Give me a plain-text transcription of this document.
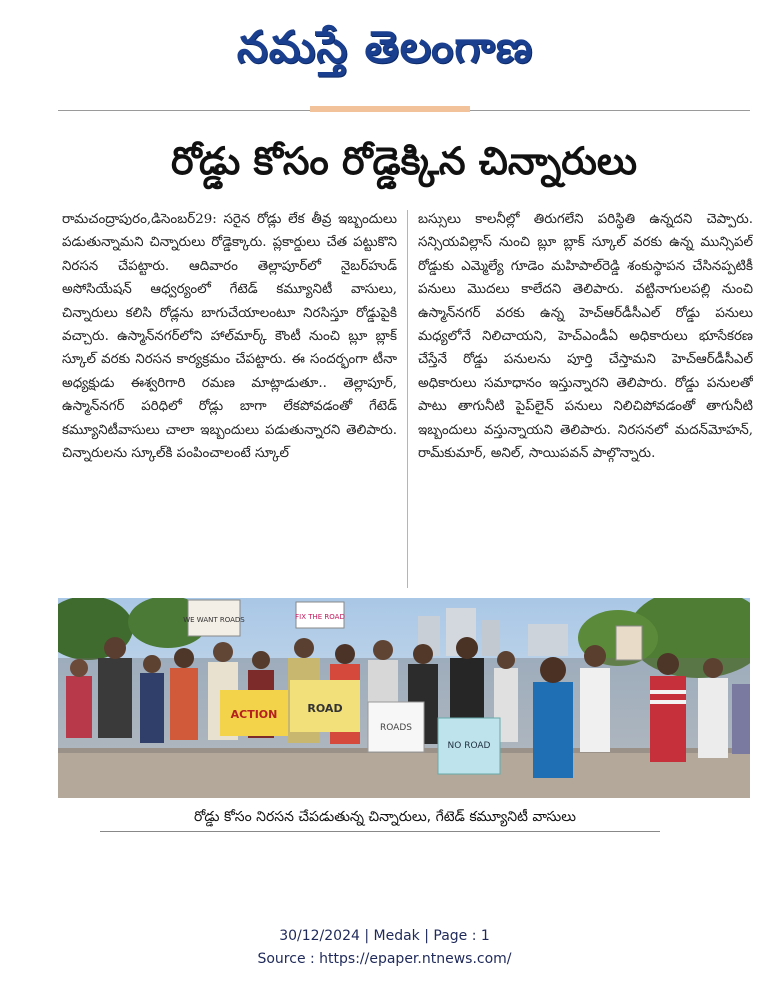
నమస్తే తెలంగాణ
రోడ్డు కోసం రోడ్డెక్కిన చిన్నారులు
రామచంద్రాపురం,డిసెంబర్29: సరైన రోడ్లు లేక తీవ్ర ఇబ్బందులు పడుతున్నామని చిన్నారులు రోడ్డెక్కారు. ప్లకార్డులు చేత పట్టుకొని నిరసన చేపట్టారు. ఆదివారం తెల్లాపూర్‌లో నైబర్‌హుడ్ అసోసియేషన్ ఆధ్వర్యంలో గేటెడ్ కమ్యూనిటీ వాసులు, చిన్నారులు కలిసి రోడ్లను బాగుచేయాలంటూ నిరసిస్తూ రోడ్డుపైకి వచ్చారు. ఉస్మాన్‌నగర్‌లోని హాల్‌మార్క్ కౌంటీ నుంచి బ్లూ బ్లాక్ స్కూల్ వరకు నిరసన కార్యక్రమం చేపట్టారు. ఈ సందర్భంగా టీనా అధ్యక్షుడు ఈశ్వరిగారి రమణ మాట్లాడుతూ.. తెల్లాపూర్, ఉస్మాన్‌నగర్ పరిధిలో రోడ్లు బాగా లేకపోవడంతో గేటెడ్ కమ్యూనిటీవాసులు చాలా ఇబ్బందులు పడుతున్నారని తెలిపారు. చిన్నారులను స్కూల్‌కి పంపించాలంటే స్కూల్
బస్సులు కాలనీల్లో తిరుగలేని పరిస్థితి ఉన్నదని చెప్పారు. సన్సియవిల్లాస్ నుంచి బ్లూ బ్లాక్ స్కూల్ వరకు ఉన్న మున్సిపల్ రోడ్డుకు ఎమ్మెల్యే గూడెం మహిపాల్‌రెడ్డి శంకుస్థాపన చేసినప్పటికీ పనులు మొదలు కాలేదని తెలిపారు. వట్టినాగులపల్లి నుంచి ఉస్మాన్‌నగర్ వరకు ఉన్న హెచ్‌ఆర్‌డీసీఎల్ రోడ్డు పనులు మధ్యలోనే నిలిచాయని, హెచ్‌ఎండీఏ అధికారులు భూసేకరణ చేస్తేనే రోడ్డు పనులను పూర్తి చేస్తామని హెచ్‌ఆర్‌డీసీఎల్ అధికారులు సమాధానం ఇస్తున్నారని తెలిపారు. రోడ్డు పనులతో పాటు తాగునీటి పైప్‌లైన్ పనులు నిలిచిపోవడంతో తాగునీటి ఇబ్బందులు వస్తున్నాయని తెలిపారు. నిరసనలో మదన్‌మోహన్, రామ్‌కుమార్, అనిల్, సాయిపవన్ పాల్గొన్నారు.
WE WANT ROADS	FIX THE ROAD
ACTION	ROAD
ROADS
NO ROAD
రోడ్డు కోసం నిరసన చేపడుతున్న చిన్నారులు, గేటెడ్ కమ్యూనిటీ వాసులు
30/12/2024 | Medak | Page : 1
Source : https://epaper.ntnews.com/
